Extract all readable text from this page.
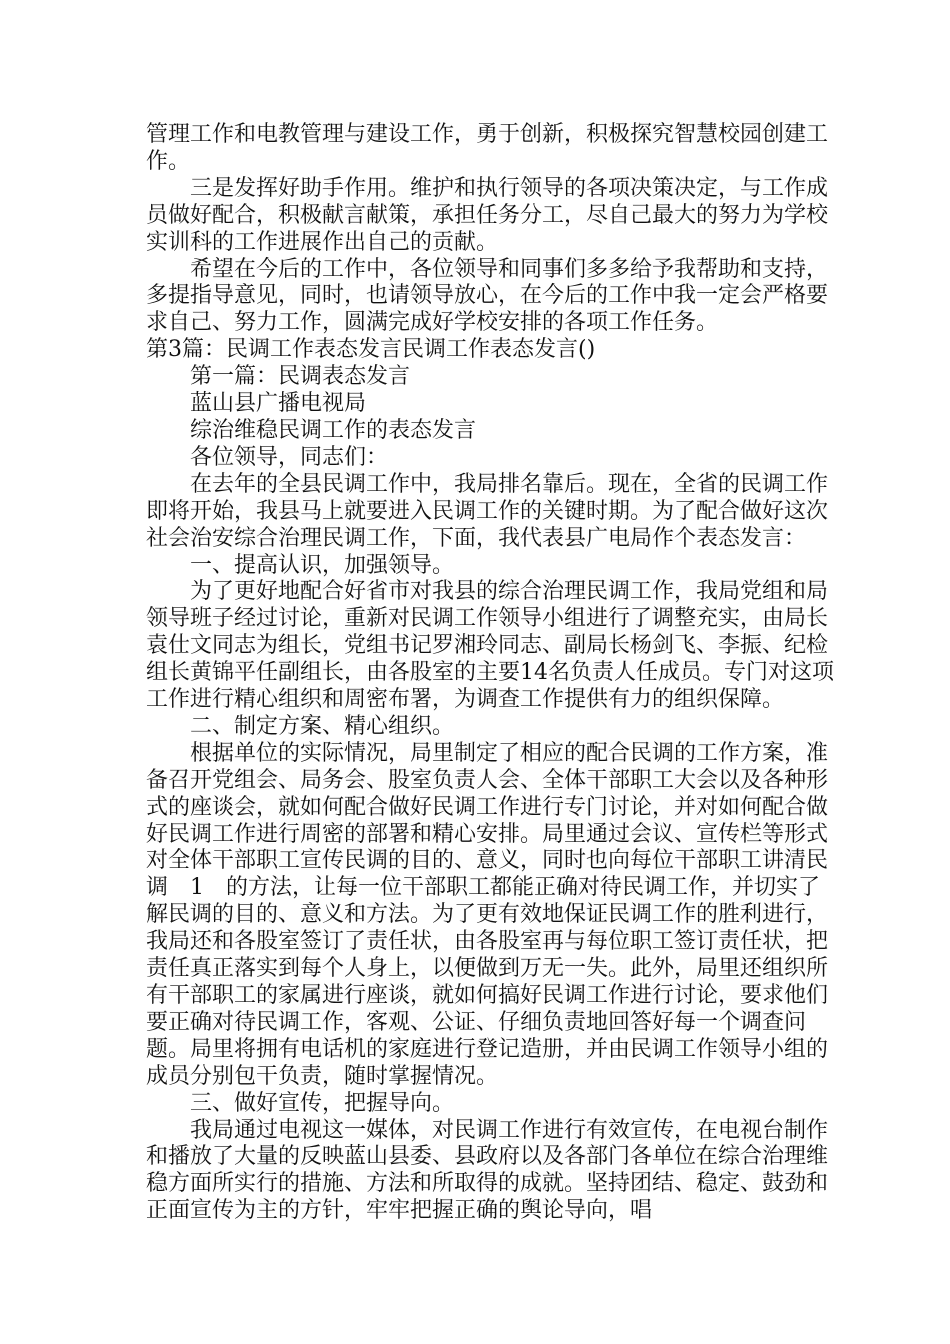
管理工作和电教管理与建设工作，勇于创新，积极探究智慧校园创建工作。

三是发挥好助手作用。维护和执行领导的各项决策决定，与工作成员做好配合，积极献言献策，承担任务分工，尽自己最大的努力为学校实训科的工作进展作出自己的贡献。

希望在今后的工作中，各位领导和同事们多多给予我帮助和支持，多提指导意见，同时，也请领导放心，在今后的工作中我一定会严格要求自己、努力工作，圆满完成好学校安排的各项工作任务。

第3篇：民调工作表态发言民调工作表态发言()

第一篇：民调表态发言

蓝山县广播电视局

综治维稳民调工作的表态发言

各位领导，同志们：

在去年的全县民调工作中，我局排名靠后。现在，全省的民调工作即将开始，我县马上就要进入民调工作的关键时期。为了配合做好这次社会治安综合治理民调工作，下面，我代表县广电局作个表态发言：

一、提高认识，加强领导。

为了更好地配合好省市对我县的综合治理民调工作，我局党组和局领导班子经过讨论，重新对民调工作领导小组进行了调整充实，由局长袁仕文同志为组长，党组书记罗湘玲同志、副局长杨剑飞、李振、纪检组长黄锦平任副组长，由各股室的主要14名负责人任成员。专门对这项工作进行精心组织和周密布署，为调查工作提供有力的组织保障。

二、制定方案、精心组织。

根据单位的实际情况，局里制定了相应的配合民调的工作方案，准备召开党组会、局务会、股室负责人会、全体干部职工大会以及各种形式的座谈会，就如何配合做好民调工作进行专门讨论，并对如何配合做好民调工作进行周密的部署和精心安排。局里通过会议、宣传栏等形式对全体干部职工宣传民调的目的、意义，同时也向每位干部职工讲清民调　1　的方法，让每一位干部职工都能正确对待民调工作，并切实了解民调的目的、意义和方法。为了更有效地保证民调工作的胜利进行，我局还和各股室签订了责任状，由各股室再与每位职工签订责任状，把责任真正落实到每个人身上，以便做到万无一失。此外，局里还组织所有干部职工的家属进行座谈，就如何搞好民调工作进行讨论，要求他们要正确对待民调工作，客观、公证、仔细负责地回答好每一个调查问题。局里将拥有电话机的家庭进行登记造册，并由民调工作领导小组的成员分别包干负责，随时掌握情况。

三、做好宣传，把握导向。

我局通过电视这一媒体，对民调工作进行有效宣传，在电视台制作和播放了大量的反映蓝山县委、县政府以及各部门各单位在综合治理维稳方面所实行的措施、方法和所取得的成就。坚持团结、稳定、鼓劲和正面宣传为主的方针，牢牢把握正确的舆论导向，唱
